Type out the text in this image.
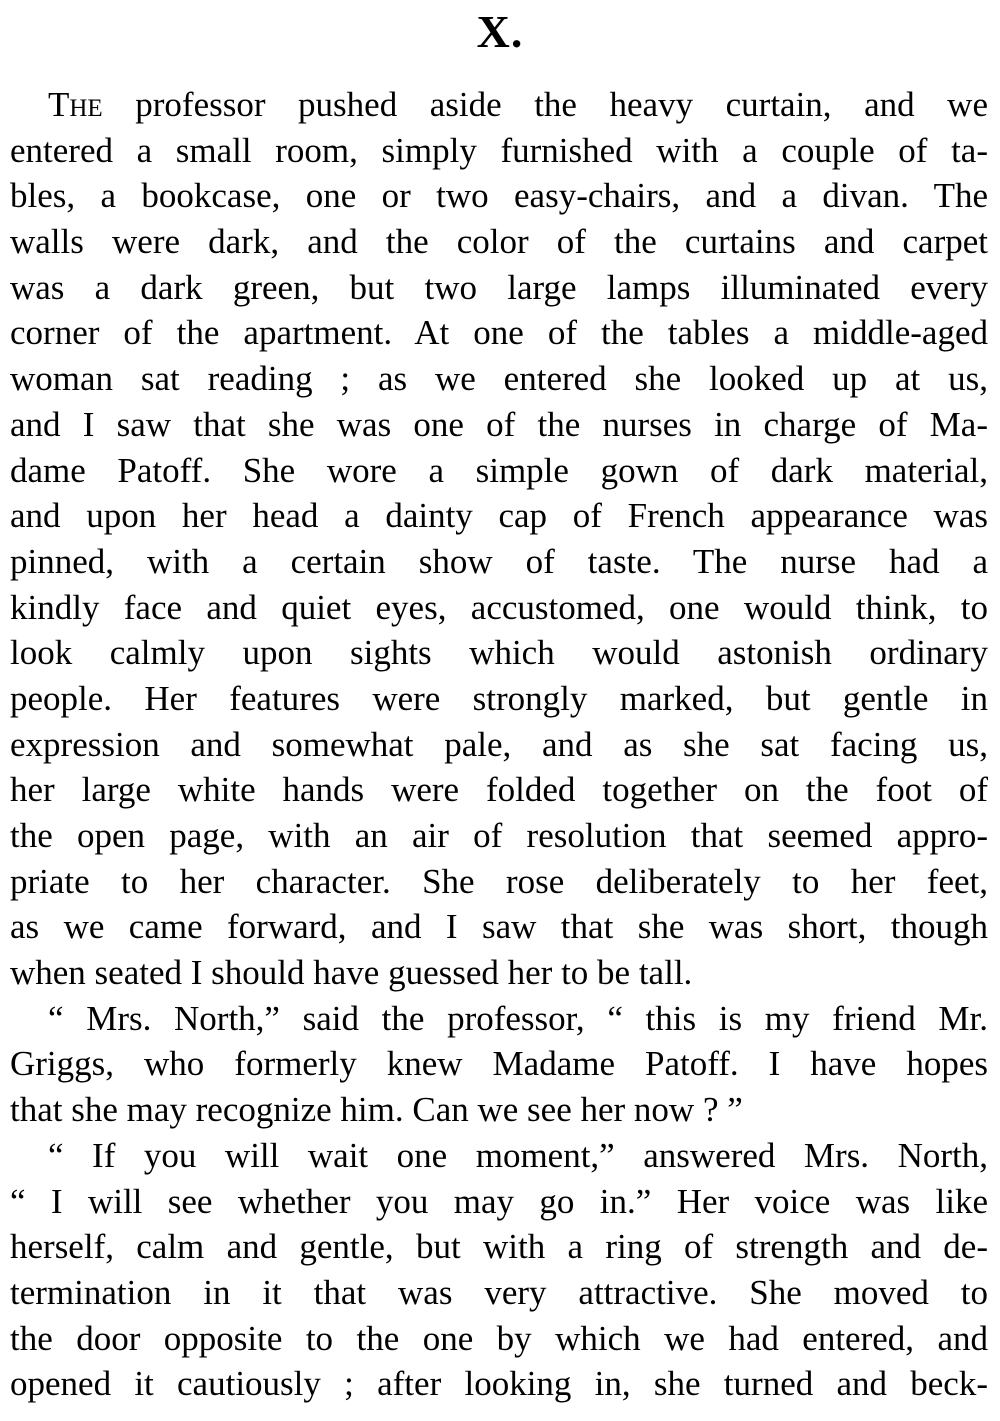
X.
The professor pushed aside the heavy curtain, and we
entered a small room, simply furnished with a couple of ta-
bles, a bookcase, one or two easy-chairs, and a divan. The
walls were dark, and the color of the curtains and carpet
was a dark green, but two large lamps illuminated every
corner of the apartment. At one of the tables a middle-aged
woman sat reading ; as we entered she looked up at us,
and I saw that she was one of the nurses in charge of Ma-
dame Patoff. She wore a simple gown of dark material,
and upon her head a dainty cap of French appearance was
pinned, with a certain show of taste. The nurse had a
kindly face and quiet eyes, accustomed, one would think, to
look calmly upon sights which would astonish ordinary
people. Her features were strongly marked, but gentle in
expression and somewhat pale, and as she sat facing us,
her large white hands were folded together on the foot of
the open page, with an air of resolution that seemed appro-
priate to her character. She rose deliberately to her feet,
as we came forward, and I saw that she was short, though
when seated I should have guessed her to be tall.
“ Mrs. North,” said the professor, “ this is my friend Mr.
Griggs, who formerly knew Madame Patoff. I have hopes
that she may recognize him. Can we see her now ? ”
“ If you will wait one moment,” answered Mrs. North,
“ I will see whether you may go in.” Her voice was like
herself, calm and gentle, but with a ring of strength and de-
termination in it that was very attractive. She moved to
the door opposite to the one by which we had entered, and
opened it cautiously ; after looking in, she turned and beck-
